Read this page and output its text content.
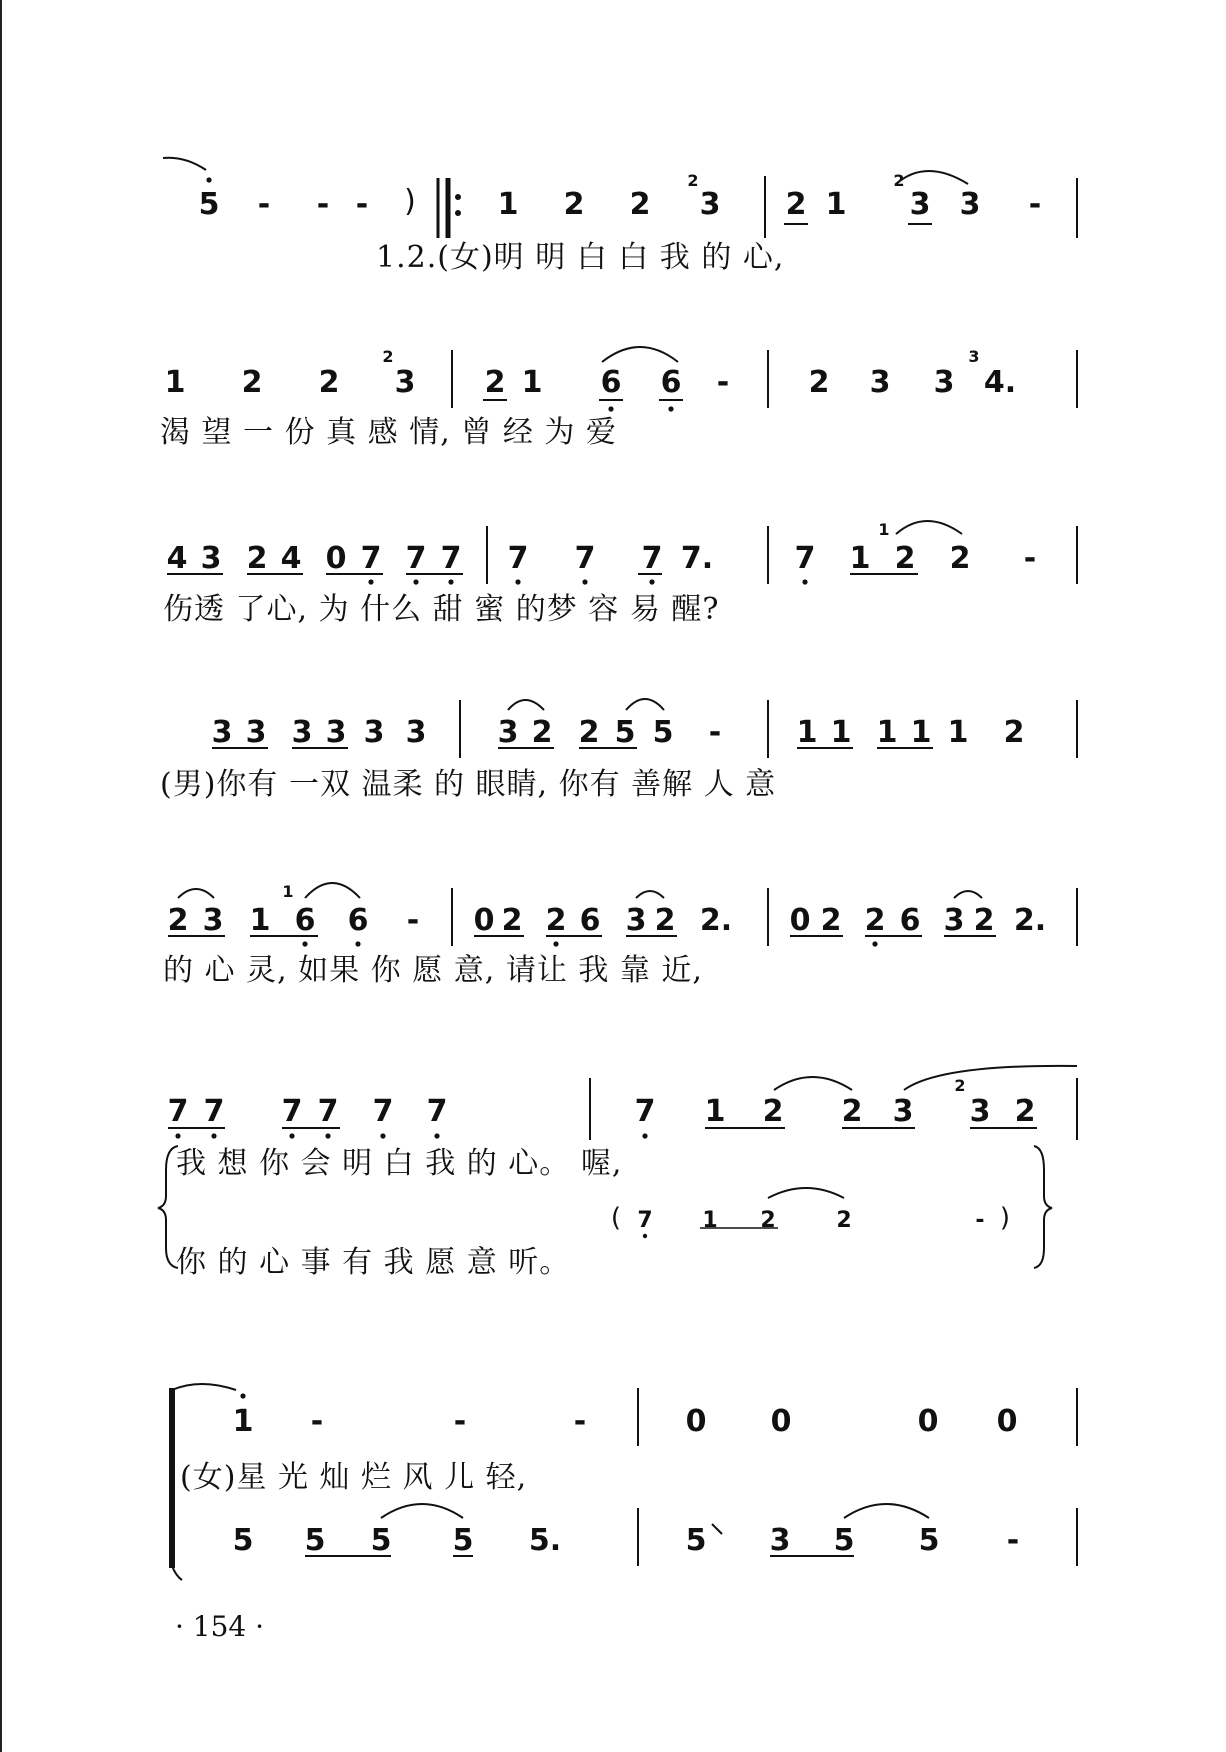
5 - - - )	1 2 2
2
3 2 1
2
3 3 -
1.2.(女)明 明 白 白 我 的 心,
1 2 2
2
3 2 1 6 6 -	2 3 3
3
4.
渴 望 一 份 真 感 情, 曾 经 为 爱
4 3 2 4 0 7 7 7 7 7 7 7.	7 1
1
2 2 -
伤透 了心, 为 什么 甜 蜜 的梦 容 易 醒?
3 3 3 3 3 3 3 2 2 5 5 -	1 1 1 1 1 2
(男)你有 一双 温柔 的 眼睛, 你有 善解 人 意
2 3 1
1
6 6 - 0 2 2 6 3 2 2. 0 2 2 6 3 2 2.
的 心 灵, 如果 你 愿 意, 请让 我 靠 近,
7 7 7 7 7 7	7 1 2 2 3
2
3 2
我 想 你 会 明 白 我 的 心。 喔,
( 7 1 2	2	- )
你 的 心 事 有 我 愿 意 听。
1 -	-	-	0 0	0 0
(女)星 光 灿 烂 风 儿 轻,
5 5 5 5 5.	5 3 5 5 -
· 154 ·
